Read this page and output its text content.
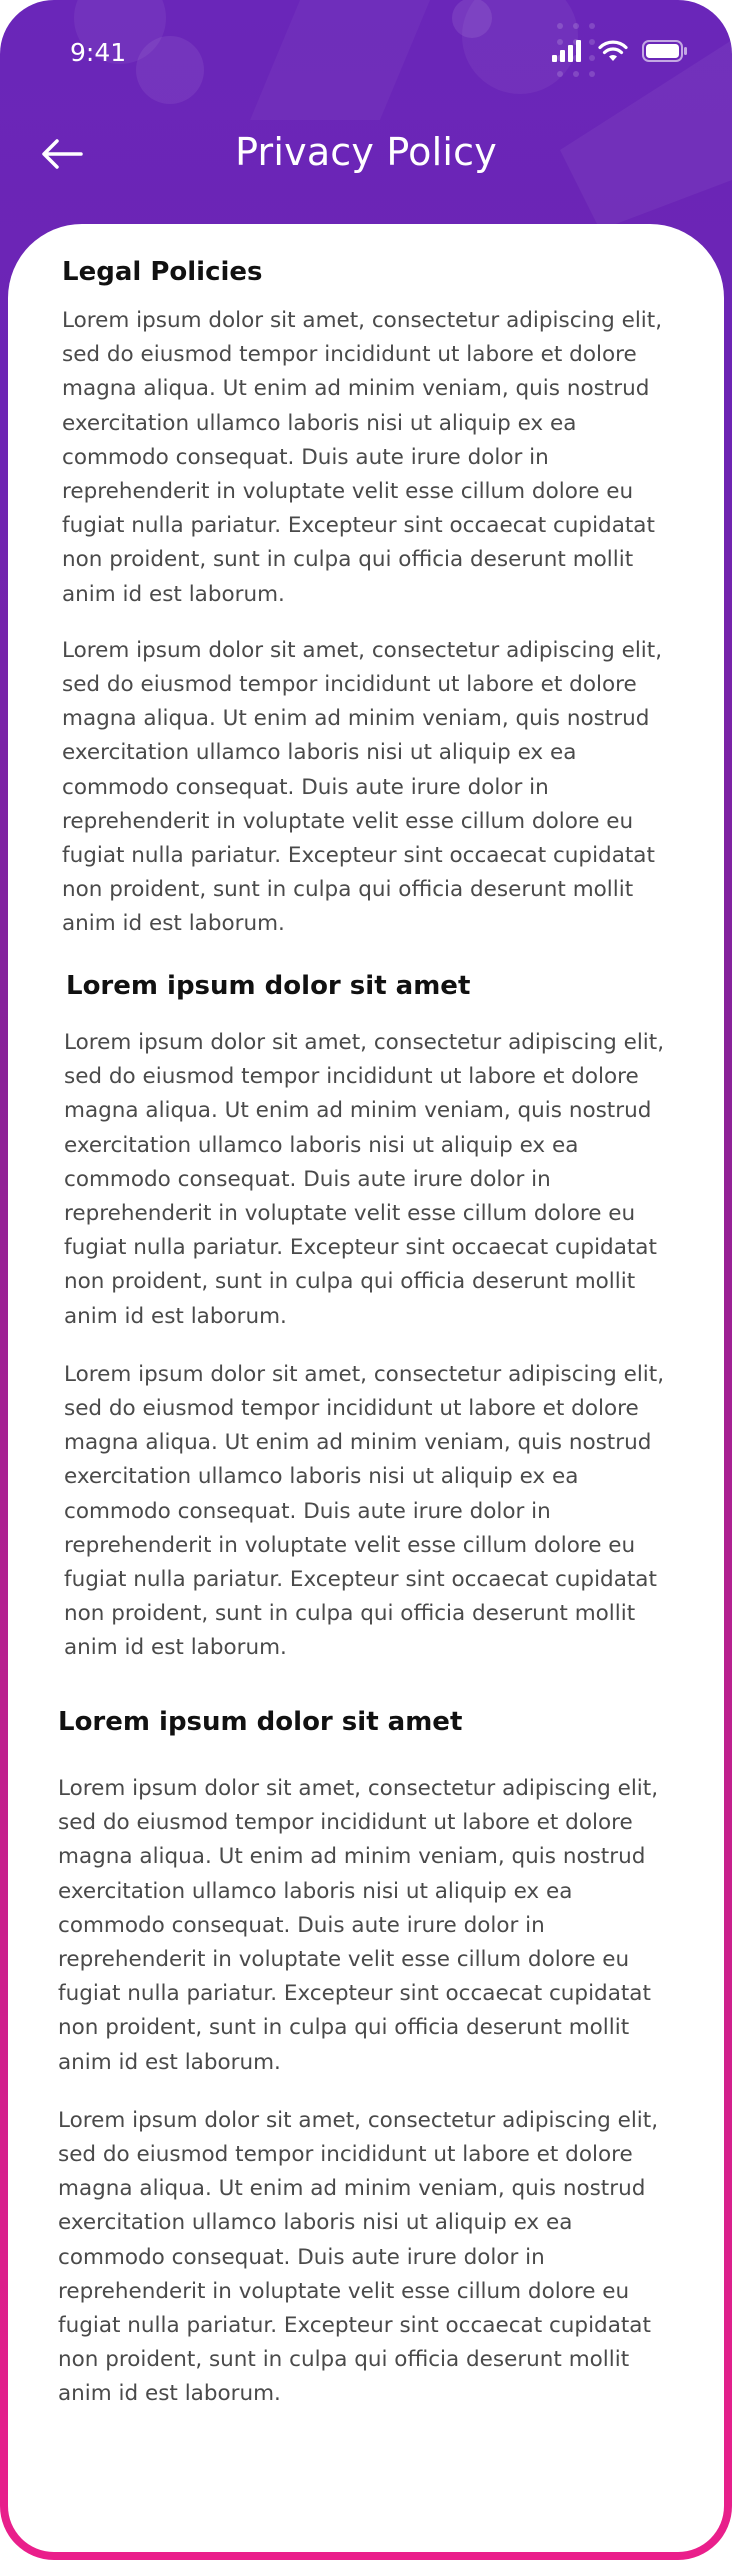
9:41
Privacy Policy
Legal Policies

Lorem ipsum dolor sit amet, consectetur adipiscing elit,
sed do eiusmod tempor incididunt ut labore et dolore
magna aliqua. Ut enim ad minim veniam, quis nostrud
exercitation ullamco laboris nisi ut aliquip ex ea
commodo consequat. Duis aute irure dolor in
reprehenderit in voluptate velit esse cillum dolore eu
fugiat nulla pariatur. Excepteur sint occaecat cupidatat
non proident, sunt in culpa qui officia deserunt mollit
anim id est laborum.

Lorem ipsum dolor sit amet, consectetur adipiscing elit,
sed do eiusmod tempor incididunt ut labore et dolore
magna aliqua. Ut enim ad minim veniam, quis nostrud
exercitation ullamco laboris nisi ut aliquip ex ea
commodo consequat. Duis aute irure dolor in
reprehenderit in voluptate velit esse cillum dolore eu
fugiat nulla pariatur. Excepteur sint occaecat cupidatat
non proident, sunt in culpa qui officia deserunt mollit
anim id est laborum.

Lorem ipsum dolor sit amet

Lorem ipsum dolor sit amet, consectetur adipiscing elit,
sed do eiusmod tempor incididunt ut labore et dolore
magna aliqua. Ut enim ad minim veniam, quis nostrud
exercitation ullamco laboris nisi ut aliquip ex ea
commodo consequat. Duis aute irure dolor in
reprehenderit in voluptate velit esse cillum dolore eu
fugiat nulla pariatur. Excepteur sint occaecat cupidatat
non proident, sunt in culpa qui officia deserunt mollit
anim id est laborum.

Lorem ipsum dolor sit amet, consectetur adipiscing elit,
sed do eiusmod tempor incididunt ut labore et dolore
magna aliqua. Ut enim ad minim veniam, quis nostrud
exercitation ullamco laboris nisi ut aliquip ex ea
commodo consequat. Duis aute irure dolor in
reprehenderit in voluptate velit esse cillum dolore eu
fugiat nulla pariatur. Excepteur sint occaecat cupidatat
non proident, sunt in culpa qui officia deserunt mollit
anim id est laborum.

Lorem ipsum dolor sit amet

Lorem ipsum dolor sit amet, consectetur adipiscing elit,
sed do eiusmod tempor incididunt ut labore et dolore
magna aliqua. Ut enim ad minim veniam, quis nostrud
exercitation ullamco laboris nisi ut aliquip ex ea
commodo consequat. Duis aute irure dolor in
reprehenderit in voluptate velit esse cillum dolore eu
fugiat nulla pariatur. Excepteur sint occaecat cupidatat
non proident, sunt in culpa qui officia deserunt mollit
anim id est laborum.

Lorem ipsum dolor sit amet, consectetur adipiscing elit,
sed do eiusmod tempor incididunt ut labore et dolore
magna aliqua. Ut enim ad minim veniam, quis nostrud
exercitation ullamco laboris nisi ut aliquip ex ea
commodo consequat. Duis aute irure dolor in
reprehenderit in voluptate velit esse cillum dolore eu
fugiat nulla pariatur. Excepteur sint occaecat cupidatat
non proident, sunt in culpa qui officia deserunt mollit
anim id est laborum.
